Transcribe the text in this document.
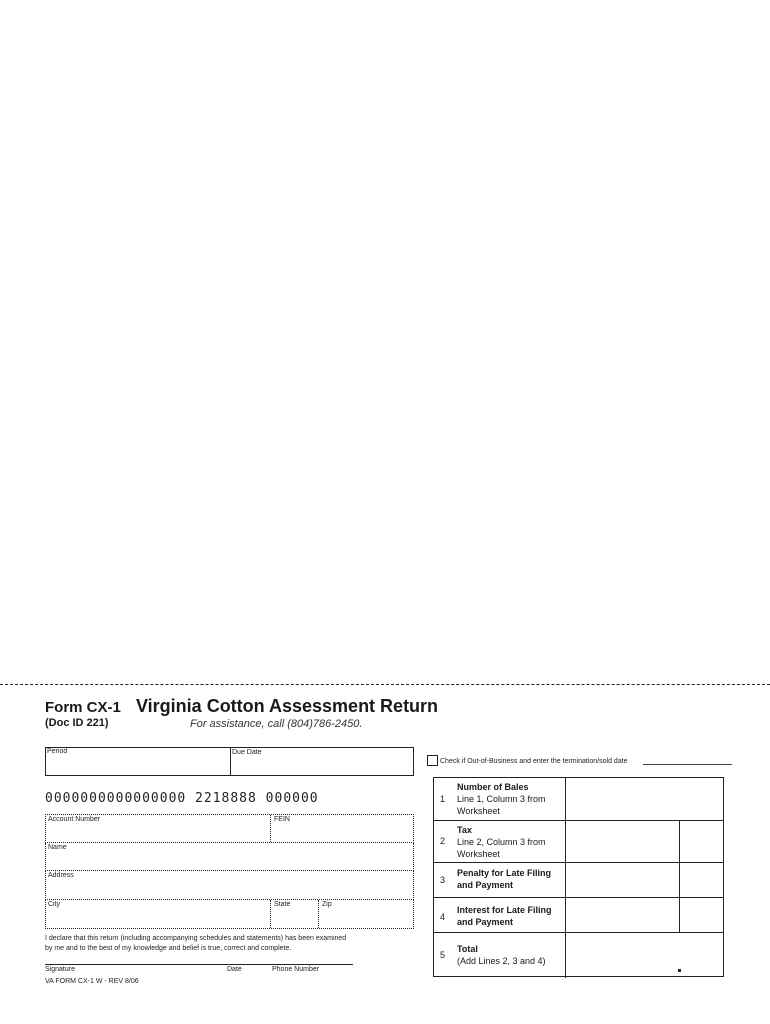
Form CX-1 Virginia Cotton Assessment Return
(Doc ID 221)	For assistance, call (804)786-2450.
Period	Due Date
0000000000000000 2218888 000000
Account Number	FEIN
Name
Address
City	State	Zip
Check if Out-of-Business and enter the termination/sold date
1
Number of Bales
Line 1, Column 3 from Worksheet
2
Tax
Line 2, Column 3 from Worksheet
3
Penalty for Late Filing and Payment
4
Interest for Late Filing and Payment
5
Total
(Add Lines 2, 3 and 4)
I declare that this return (including accompanying schedules and statements) has been examined by me and to the best of my knowledge and belief is true, correct and complete.
Signature	Date	Phone Number
VA FORM CX-1 W - REV 8/06
